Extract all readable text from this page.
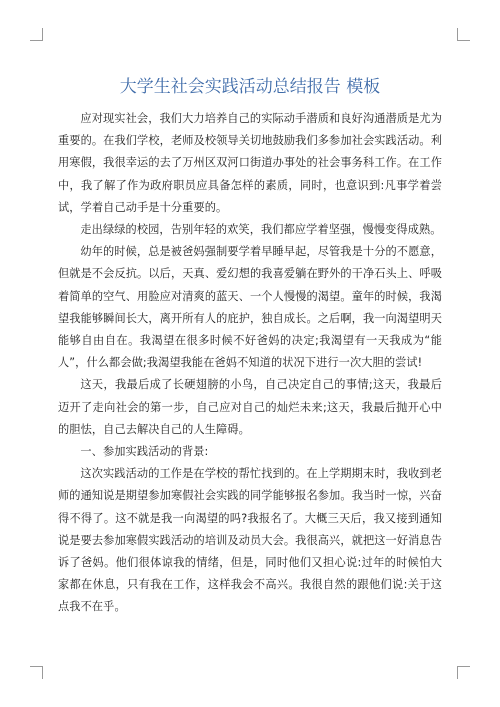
大学生社会实践活动总结报告 模板

应对现实社会，我们大力培养自己的实际动手潜质和良好沟通潜质是尤为重要的。在我们学校，老师及校领导关切地鼓励我们多参加社会实践活动。利用寒假，我很幸运的去了万州区双河口街道办事处的社会事务科工作。在工作中，我了解了作为政府职员应具备怎样的素质，同时，也意识到:凡事学着尝试，学着自己动手是十分重要的。

走出绿绿的校园，告别年轻的欢笑，我们都应学着坚强，慢慢变得成熟。

幼年的时候，总是被爸妈强制要学着早睡早起，尽管我是十分的不愿意，但就是不会反抗。以后，天真、爱幻想的我喜爱躺在野外的干净石头上、呼吸着简单的空气、用脸应对清爽的蓝天、一个人慢慢的渴望。童年的时候，我渴望我能够瞬间长大，离开所有人的庇护，独自成长。之后啊，我一向渴望明天能够自由自在。我渴望在很多时候不好爸妈的决定;我渴望有一天我成为“能人”，什么都会做;我渴望我能在爸妈不知道的状况下进行一次大胆的尝试!

这天，我最后成了长硬翅膀的小鸟，自己决定自己的事情;这天，我最后迈开了走向社会的第一步，自己应对自己的灿烂未来;这天，我最后抛开心中的胆怯，自己去解决自己的人生障碍。

一、参加实践活动的背景:

这次实践活动的工作是在学校的帮忙找到的。在上学期期末时，我收到老师的通知说是期望参加寒假社会实践的同学能够报名参加。我当时一惊，兴奋得不得了。这不就是我一向渴望的吗?我报名了。大概三天后，我又接到通知说是要去参加寒假实践活动的培训及动员大会。我很高兴，就把这一好消息告诉了爸妈。他们很体谅我的情绪，但是，同时他们又担心说:过年的时候怕大家都在休息，只有我在工作，这样我会不高兴。我很自然的跟他们说:关于这点我不在乎。
